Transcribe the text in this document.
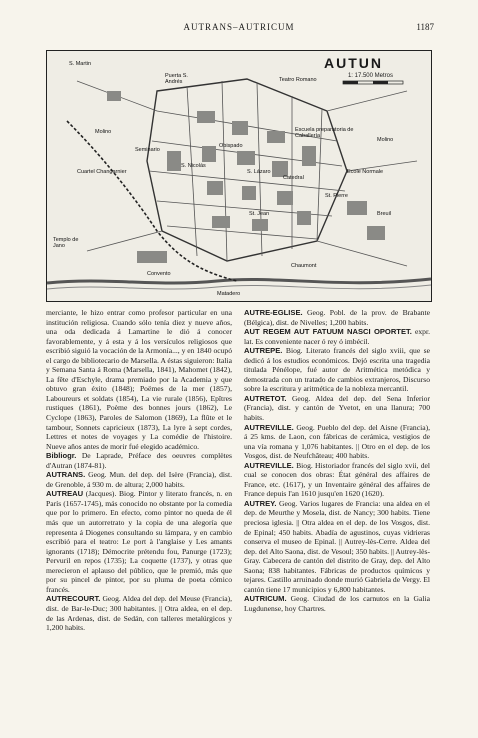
AUTRANS–AUTRICUM	1187
AUTUN
1: 17.500 Metros
S. Martin
Puerta S. Andrés	Teatro Romano
Molino
Seminario
Cuartel Changarnier
Obispado
Escuela preparatoria de Caballería
Molino
S. Nicolás
S. Lázaro
Catedral
Ecole Normale
St. Pierre
St. Jean
Templo de Jano
Convento
Chaumont
Matadero
Breuil

merciante, le hizo entrar como profesor particular en una institución religiosa. Cuando sólo tenía diez y nueve años, una oda dedicada á Lamartine le dió á conocer favorablemente, y á esta y á los versículos religiosos que escribió siguió la vocación de la Armonía..., y en 1840 ocupó el cargo de bibliotecario de Marsella. A éstas siguieron: Italia y Semana Santa á Roma (Marsella, 1841), Mahomet (1842), La fête d'Eschyle, drama premiado por la Academia y que obtuvo gran éxito (1848); Poëmes de la mer (1857), Laboureurs et soldats (1854), La vie rurale (1856), Epîtres rustiques (1861), Poème des bonnes jours (1862), Le Cyclope (1863), Paroles de Salomon (1869), La flûte et le tambour, Sonnets capricieux (1873), La lyre à sept cordes, Lettres et notes de voyages y La comédie de l'histoire. Nueve años antes de morir fué elegido académico.

Bibliogr. De Laprade, Préface des oeuvres complètes d'Autran (1874-81).

AUTRANS. Geog. Mun. del dep. del Isère (Francia), dist. de Grenoble, á 930 m. de altura; 2,000 habits.

AUTREAU (Jacques). Biog. Pintor y literato francés, n. en París (1657-1745), más conocido no obstante por la comedia que por lo primero. En efecto, como pintor no queda de él más que un autorretrato y la copia de una alegoría que representa á Diogenes consultando su lámpara, y en cambio escribió para el teatro: Le port à l'anglaise y Les amants ignorants (1718); Démocrite prétendu fou, Panurge (1723); Pervuril en repos (1735); La coquette (1737), y otras que merecieron el aplauso del público, que le premió, más que por su pincel de pintor, por su pluma de poeta cómico francés.

AUTRECOURT. Geog. Aldea del dep. del Meuse (Francia), dist. de Bar-le-Duc; 300 habitantes. || Otra aldea, en el dep. de las Ardenas, dist. de Sedán, con talleres metalúrgicos y 1,200 habits.

AUTRE-EGLISE. Geog. Pobl. de la prov. de Brabante (Bélgica), dist. de Nivelles; 1,200 habits.

AUT REGEM AUT FATUUM NASCI OPORTET. expr. lat. Es conveniente nacer ó rey ó imbécil.

AUTREPE. Biog. Literato francés del siglo xviii, que se dedicó á los estudios económicos. Dejó escrita una tragedia titulada Pénélope, fué autor de Aritmética metódica y demostrada con un tratado de cambios extranjeros, Discurso sobre la escritura y aritmética de la nobleza mercantil.

AUTRETOT. Geog. Aldea del dep. del Sena Inferior (Francia), dist. y cantón de Yvetot, en una llanura; 700 habits.

AUTREVILLE. Geog. Pueblo del dep. del Aisne (Francia), á 25 kms. de Laon, con fábricas de cerámica, vestigios de una vía romana y 1,076 habitantes. || Otro en el dep. de los Vosgos, dist. de Neufchâteau; 400 habits.

AUTREVILLE. Biog. Historiador francés del siglo xvii, del cual se conocen dos obras: État général des affaires de France, etc. (1617), y un Inventaire général des affaires de France depuis l'an 1610 jusqu'en 1620 (1620).

AUTREY. Geog. Varios lugares de Francia: una aldea en el dep. de Meurthe y Mosela, dist. de Nancy; 300 habits. Tiene preciosa iglesia. || Otra aldea en el dep. de los Vosgos, dist. de Epinal; 450 habits. Abadía de agustinos, cuyas vidrieras conserva el museo de Epinal. || Autrey-lès-Cerre. Aldea del dep. del Alto Saona, dist. de Vesoul; 350 habits. || Autrey-lès-Gray. Cabecera de cantón del distrito de Gray, dep. del Alto Saona; 838 habitantes. Fábricas de productos químicos y tejares. Castillo arruinado donde murió Gabriela de Vergy. El cantón tiene 17 municipios y 6,800 habitantes.

AUTRICUM. Geog. Ciudad de los carnutos en la Galia Lugdunense, hoy Chartres.
